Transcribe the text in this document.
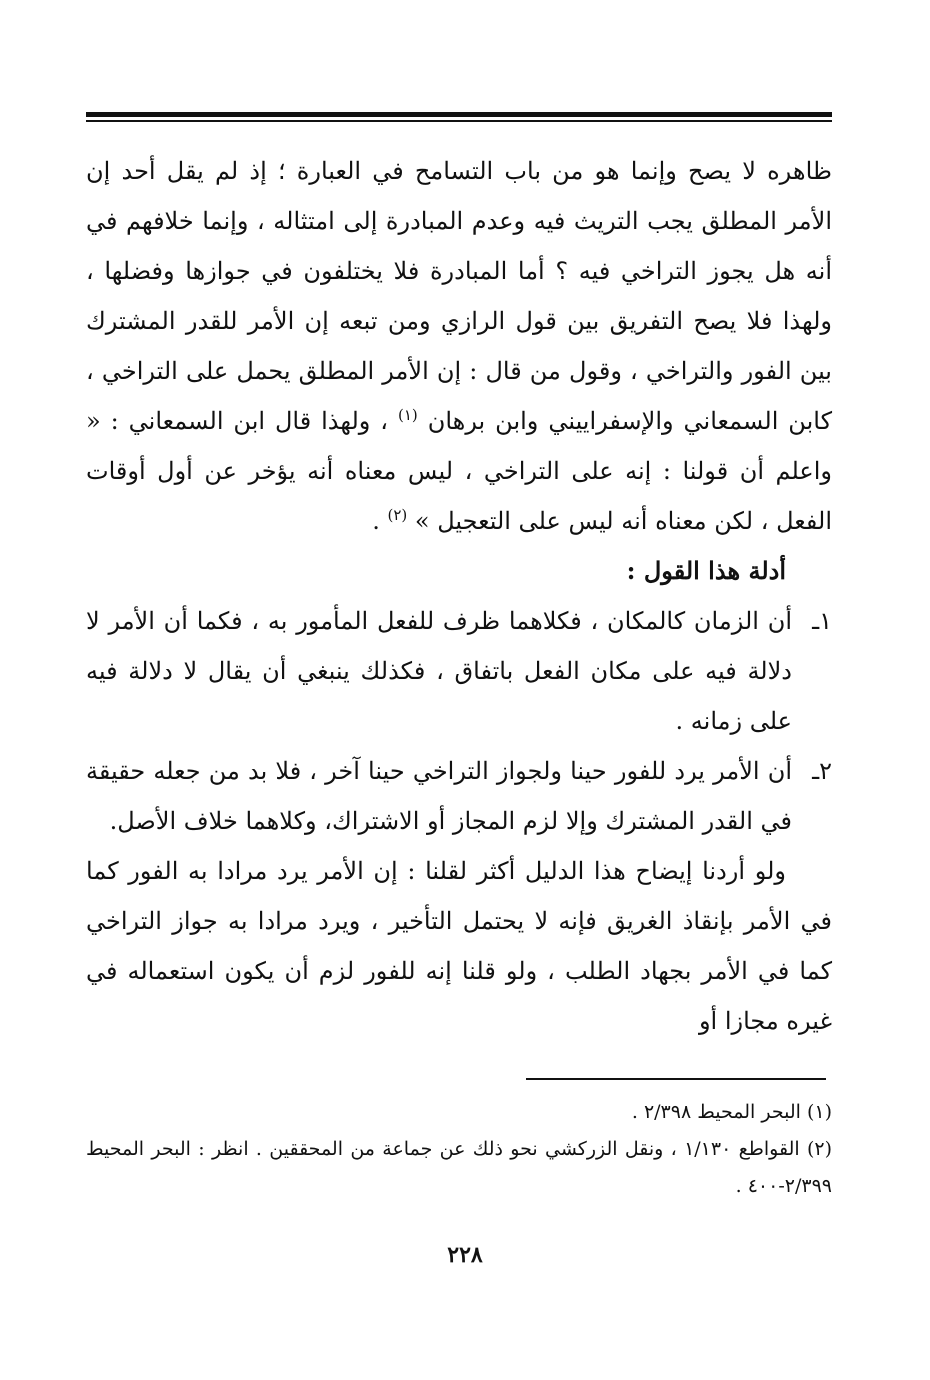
ظاهره لا يصح وإنما هو من باب التسامح في العبارة ؛ إذ لم يقل أحد إن الأمر المطلق يجب التريث فيه وعدم المبادرة إلى امتثاله ، وإنما خلافهم في أنه هل يجوز التراخي فيه ؟ أما المبادرة فلا يختلفون في جوازها وفضلها ، ولهذا فلا يصح التفريق بين قول الرازي ومن تبعه إن الأمر للقدر المشترك بين الفور والتراخي ، وقول من قال : إن الأمر المطلق يحمل على التراخي ، كابن السمعاني والإسفراييني وابن برهان $^{(١)}$ ، ولهذا قال ابن السمعاني : « واعلم أن قولنا : إنه على التراخي ، ليس معناه أنه يؤخر عن أول أوقات الفعل ، لكن معناه أنه ليس على التعجيل » $^{(٢)}$ .

أدلة هذا القول :

١ـ
أن الزمان كالمكان ، فكلاهما ظرف للفعل المأمور به ، فكما أن الأمر لا دلالة فيه على مكان الفعل باتفاق ، فكذلك ينبغي أن يقال لا دلالة فيه على زمانه .

٢ـ
أن الأمر يرد للفور حينا ولجواز التراخي حينا آخر ، فلا بد من جعله حقيقة في القدر المشترك وإلا لزم المجاز أو الاشتراك، وكلاهما خلاف الأصل.

ولو أردنا إيضاح هذا الدليل أكثر لقلنا : إن الأمر يرد مرادا به الفور كما في الأمر بإنقاذ الغريق فإنه لا يحتمل التأخير ، ويرد مرادا به جواز التراخي كما في الأمر بجهاد الطلب ، ولو قلنا إنه للفور لزم أن يكون استعماله في غيره مجازا أو

(١) البحر المحيط ٢/٣٩٨ .

(٢) القواطع ١/١٣٠ ، ونقل الزركشي نحو ذلك عن جماعة من المحققين . انظر : البحر المحيط ٢/٣٩٩-٤٠٠ .

٢٢٨
